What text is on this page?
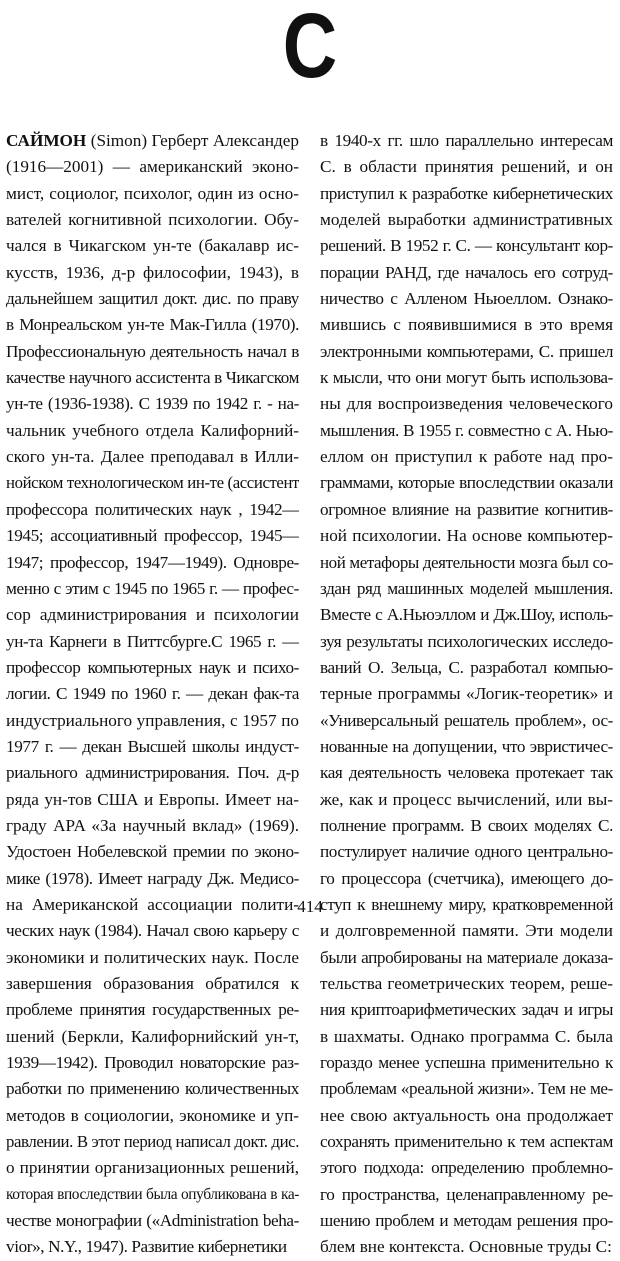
С
САЙМОН (Simon) Герберт Александер
(1916—2001) — американский эконо-
мист, социолог, психолог, один из осно-
вателей когнитивной психологии. Обу-
чался в Чикагском ун-те (бакалавр ис-
кусств, 1936, д-р философии, 1943), в
дальнейшем защитил докт. дис. по праву
в Монреальском ун-те Мак-Гилла (1970).
Профессиональную деятельность начал в
качестве научного ассистента в Чикагском
ун-те (1936-1938). С 1939 по 1942 г. - на-
чальник учебного отдела Калифорний-
ского ун-та. Далее преподавал в Илли-
нойском технологическом ин-те (ассистент
профессора политических наук , 1942—
1945; ассоциативный профессор, 1945—
1947; профессор, 1947—1949). Одновре-
менно с этим с 1945 по 1965 г. — профес-
сор администрирования и психологии
ун-та Карнеги в Питтсбурге.С 1965 г. —
профессор компьютерных наук и психо-
логии. С 1949 по 1960 г. — декан фак-та
индустриального управления, с 1957 по
1977 г. — декан Высшей школы индуст-
риального администрирования. Поч. д-р
ряда ун-тов США и Европы. Имеет на-
граду APA «За научный вклад» (1969).
Удостоен Нобелевской премии по эконо-
мике (1978). Имеет награду Дж. Медисо-
на Американской ассоциации полити-
ческих наук (1984). Начал свою карьеру с
экономики и политических наук. После
завершения образования обратился к
проблеме принятия государственных ре-
шений (Беркли, Калифорнийский ун-т,
1939—1942). Проводил новаторские раз-
работки по применению количественных
методов в социологии, экономике и уп-
равлении. В этот период написал докт. дис.
о принятии организационных решений,
которая впоследствии была опубликована в ка-
честве монографии («Administration beha-
vior», N.Y., 1947). Развитие кибернетики
в 1940-х гг. шло параллельно интересам
С. в области принятия решений, и он
приступил к разработке кибернетических
моделей выработки административных
решений. В 1952 г. С. — консультант кор-
порации РАНД, где началось его сотруд-
ничество с Алленом Ньюеллом. Ознако-
мившись с появившимися в это время
электронными компьютерами, С. пришел
к мысли, что они могут быть использова-
ны для воспроизведения человеческого
мышления. В 1955 г. совместно с А. Нью-
еллом он приступил к работе над про-
граммами, которые впоследствии оказали
огромное влияние на развитие когнитив-
ной психологии. На основе компьютер-
ной метафоры деятельности мозга был со-
здан ряд машинных моделей мышления.
Вместе с А.Ньюэллом и Дж.Шоу, исполь-
зуя результаты психологических исследо-
ваний О. Зельца, С. разработал компью-
терные программы «Логик-теоретик» и
«Универсальный решатель проблем», ос-
нованные на допущении, что эвристичес-
кая деятельность человека протекает так
же, как и процесс вычислений, или вы-
полнение программ. В своих моделях С.
постулирует наличие одного центрально-
го процессора (счетчика), имеющего до-
ступ к внешнему миру, кратковременной
и долговременной памяти. Эти модели
были апробированы на материале доказа-
тельства геометрических теорем, реше-
ния криптоарифметических задач и игры
в шахматы. Однако программа С. была
гораздо менее успешна применительно к
проблемам «реальной жизни». Тем не ме-
нее свою актуальность она продолжает
сохранять применительно к тем аспектам
этого подхода: определению проблемно-
го пространства, целенаправленному ре-
шению проблем и методам решения про-
блем вне контекста. Основные труды С:
414
